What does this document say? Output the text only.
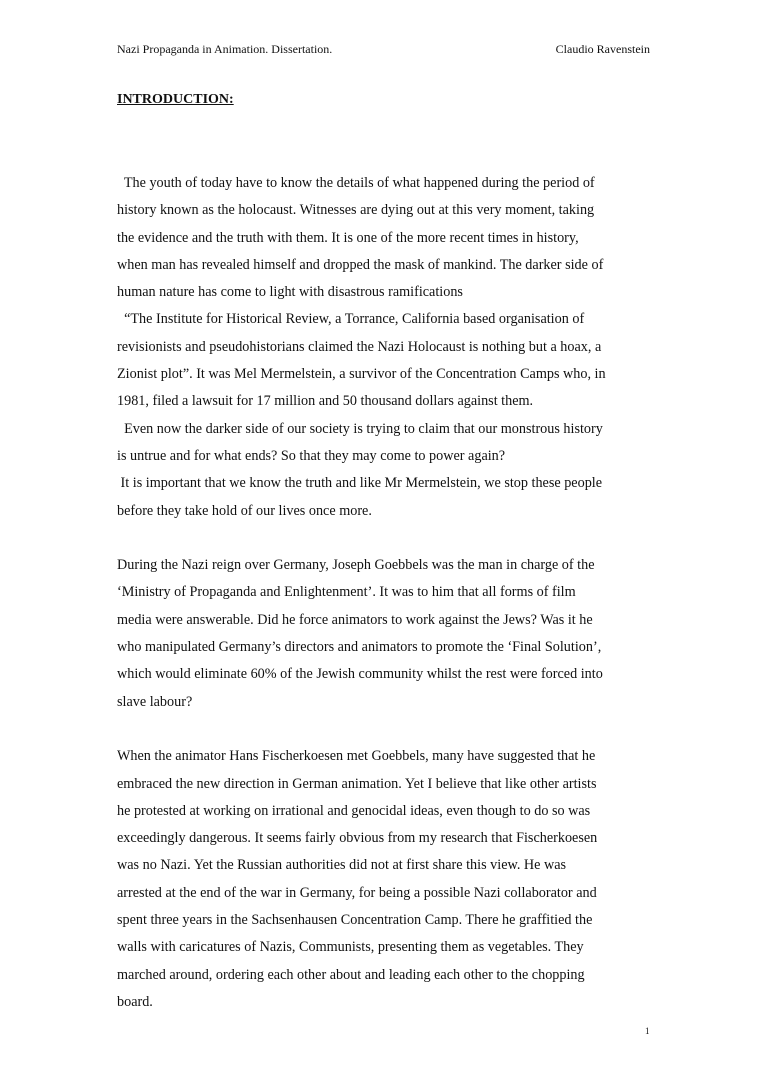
Nazi Propaganda in Animation. Dissertation.	Claudio Ravenstein
INTRODUCTION:
The youth of today have to know the details of what happened during the period of
history known as the holocaust. Witnesses are dying out at this very moment, taking
the evidence and the truth with them. It is one of the more recent times in history,
when man has revealed himself and dropped the mask of mankind. The darker side of
human nature has come to light with disastrous ramifications
“The Institute for Historical Review, a Torrance, California based organisation of
revisionists and pseudohistorians claimed the Nazi Holocaust is nothing but a hoax, a
Zionist plot”. It was Mel Mermelstein, a survivor of the Concentration Camps who, in
1981, filed a lawsuit for 17 million and 50 thousand dollars against them.
Even now the darker side of our society is trying to claim that our monstrous history
is untrue and for what ends? So that they may come to power again?
It is important that we know the truth and like Mr Mermelstein, we stop these people
before they take hold of our lives once more.
During the Nazi reign over Germany, Joseph Goebbels was the man in charge of the
‘Ministry of Propaganda and Enlightenment’. It was to him that all forms of film
media were answerable. Did he force animators to work against the Jews? Was it he
who manipulated Germany’s directors and animators to promote the ‘Final Solution’,
which would eliminate 60% of the Jewish community whilst the rest were forced into
slave labour?
When the animator Hans Fischerkoesen met Goebbels, many have suggested that he
embraced the new direction in German animation. Yet I believe that like other artists
he protested at working on irrational and genocidal ideas, even though to do so was
exceedingly dangerous. It seems fairly obvious from my research that Fischerkoesen
was no Nazi. Yet the Russian authorities did not at first share this view. He was
arrested at the end of the war in Germany, for being a possible Nazi collaborator and
spent three years in the Sachsenhausen Concentration Camp. There he graffitied the
walls with caricatures of Nazis, Communists, presenting them as vegetables. They
marched around, ordering each other about and leading each other to the chopping
board.
1
